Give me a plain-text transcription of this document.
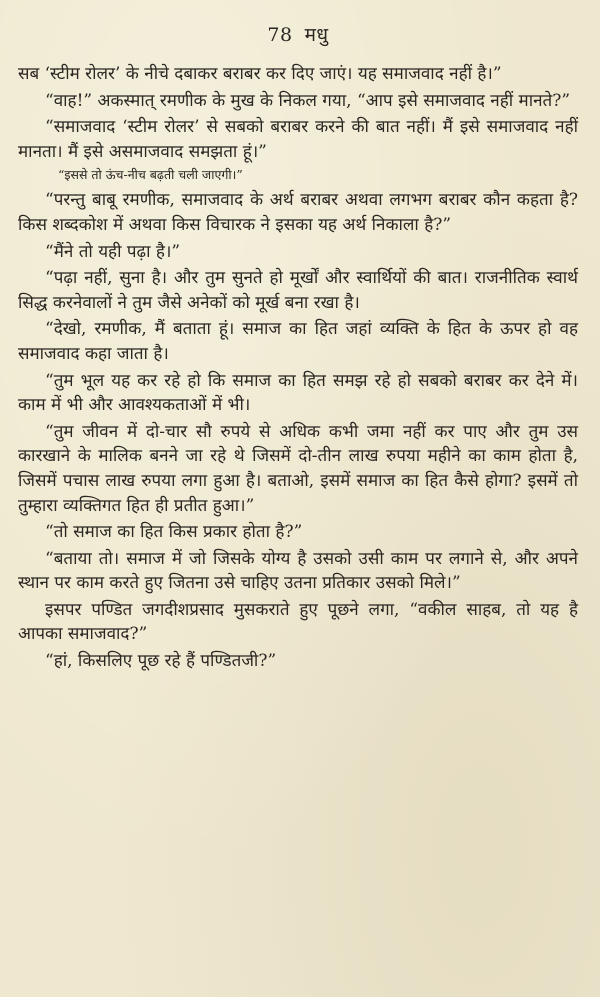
78 मधु

सब ‘स्टीम रोलर’ के नीचे दबाकर बराबर कर दिए जाएं। यह समाजवाद नहीं है।”

“वाह!” अकस्मात् रमणीक के मुख के निकल गया, “आप इसे समाजवाद नहीं मानते?”

“समाजवाद ‘स्टीम रोलर’ से सबको बराबर करने की बात नहीं। मैं इसे समाजवाद नहीं मानता। मैं इसे असमाजवाद समझता हूं।”

“इससे तो ऊंच-नीच बढ़ती चली जाएगी।”

“परन्तु बाबू रमणीक, समाजवाद के अर्थ बराबर अथवा लगभग बराबर कौन कहता है? किस शब्दकोश में अथवा किस विचारक ने इसका यह अर्थ निकाला है?”

“मैंने तो यही पढ़ा है।”

“पढ़ा नहीं, सुना है। और तुम सुनते हो मूर्खों और स्वार्थियों की बात। राजनीतिक स्वार्थ सिद्ध करनेवालों ने तुम जैसे अनेकों को मूर्ख बना रखा है।

“देखो, रमणीक, मैं बताता हूं। समाज का हित जहां व्यक्ति के हित के ऊपर हो वह समाजवाद कहा जाता है।

“तुम भूल यह कर रहे हो कि समाज का हित समझ रहे हो सबको बराबर कर देने में। काम में भी और आवश्यकताओं में भी।

“तुम जीवन में दो-चार सौ रुपये से अधिक कभी जमा नहीं कर पाए और तुम उस कारखाने के मालिक बनने जा रहे थे जिसमें दो-तीन लाख रुपया महीने का काम होता है, जिसमें पचास लाख रुपया लगा हुआ है। बताओ, इसमें समाज का हित कैसे होगा? इसमें तो तुम्हारा व्यक्तिगत हित ही प्रतीत हुआ।”

“तो समाज का हित किस प्रकार होता है?”

“बताया तो। समाज में जो जिसके योग्य है उसको उसी काम पर लगाने से, और अपने स्थान पर काम करते हुए जितना उसे चाहिए उतना प्रतिकार उसको मिले।”

इसपर पण्डित जगदीशप्रसाद मुसकराते हुए पूछने लगा, “वकील साहब, तो यह है आपका समाजवाद?”

“हां, किसलिए पूछ रहे हैं पण्डितजी?”
